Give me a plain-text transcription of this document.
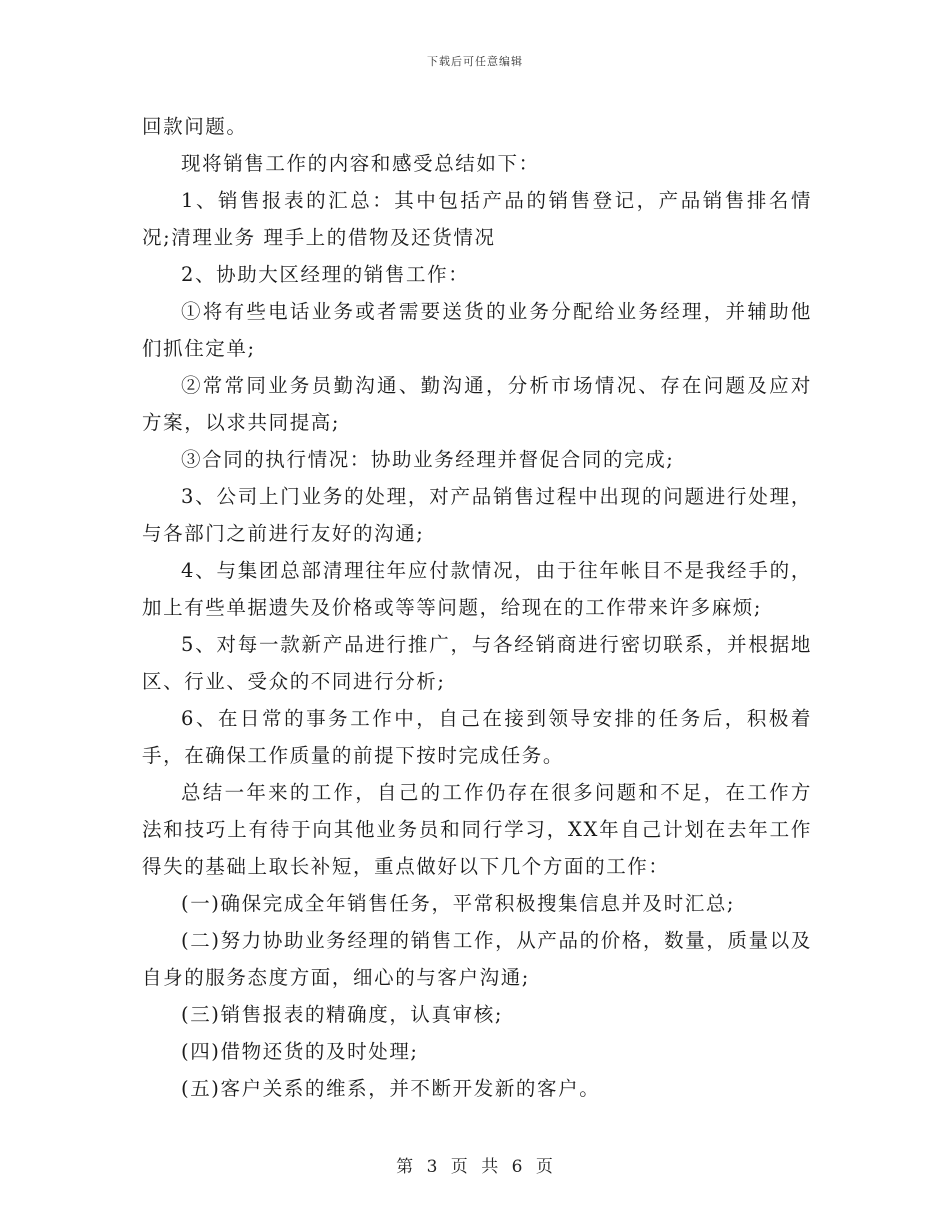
下载后可任意编辑

回款问题。

现将销售工作的内容和感受总结如下：

1、销售报表的汇总：其中包括产品的销售登记，产品销售排名情况;清理业务 理手上的借物及还货情况

2、协助大区经理的销售工作：

①将有些电话业务或者需要送货的业务分配给业务经理，并辅助他们抓住定单;

②常常同业务员勤沟通、勤沟通，分析市场情况、存在问题及应对方案，以求共同提高;

③合同的执行情况：协助业务经理并督促合同的完成;

3、公司上门业务的处理，对产品销售过程中出现的问题进行处理，与各部门之前进行友好的沟通;

4、与集团总部清理往年应付款情况，由于往年帐目不是我经手的，加上有些单据遗失及价格或等等问题，给现在的工作带来许多麻烦;

5、对每一款新产品进行推广，与各经销商进行密切联系，并根据地区、行业、受众的不同进行分析;

6、在日常的事务工作中，自己在接到领导安排的任务后，积极着手，在确保工作质量的前提下按时完成任务。

总结一年来的工作，自己的工作仍存在很多问题和不足，在工作方法和技巧上有待于向其他业务员和同行学习，XX年自己计划在去年工作得失的基础上取长补短，重点做好以下几个方面的工作：

(一)确保完成全年销售任务，平常积极搜集信息并及时汇总;

(二)努力协助业务经理的销售工作，从产品的价格，数量，质量以及自身的服务态度方面，细心的与客户沟通;

(三)销售报表的精确度，认真审核;

(四)借物还货的及时处理;

(五)客户关系的维系，并不断开发新的客户。

第 3 页 共 6 页
